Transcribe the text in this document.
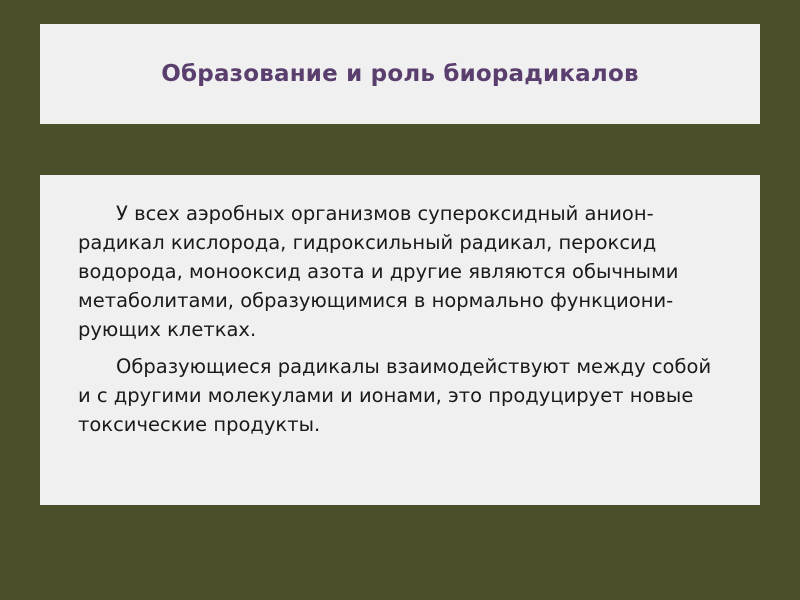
Образование и роль биорадикалов

У всех аэробных организмов супероксидный анион-радикал кислорода, гидроксильный радикал, пероксид водорода, монооксид азота и другие являются обычными метаболитами, образующимися в нормально функциони-рующих клетках.

Образующиеся радикалы взаимодействуют между собой и с другими молекулами и ионами, это продуцирует новые токсические продукты.
